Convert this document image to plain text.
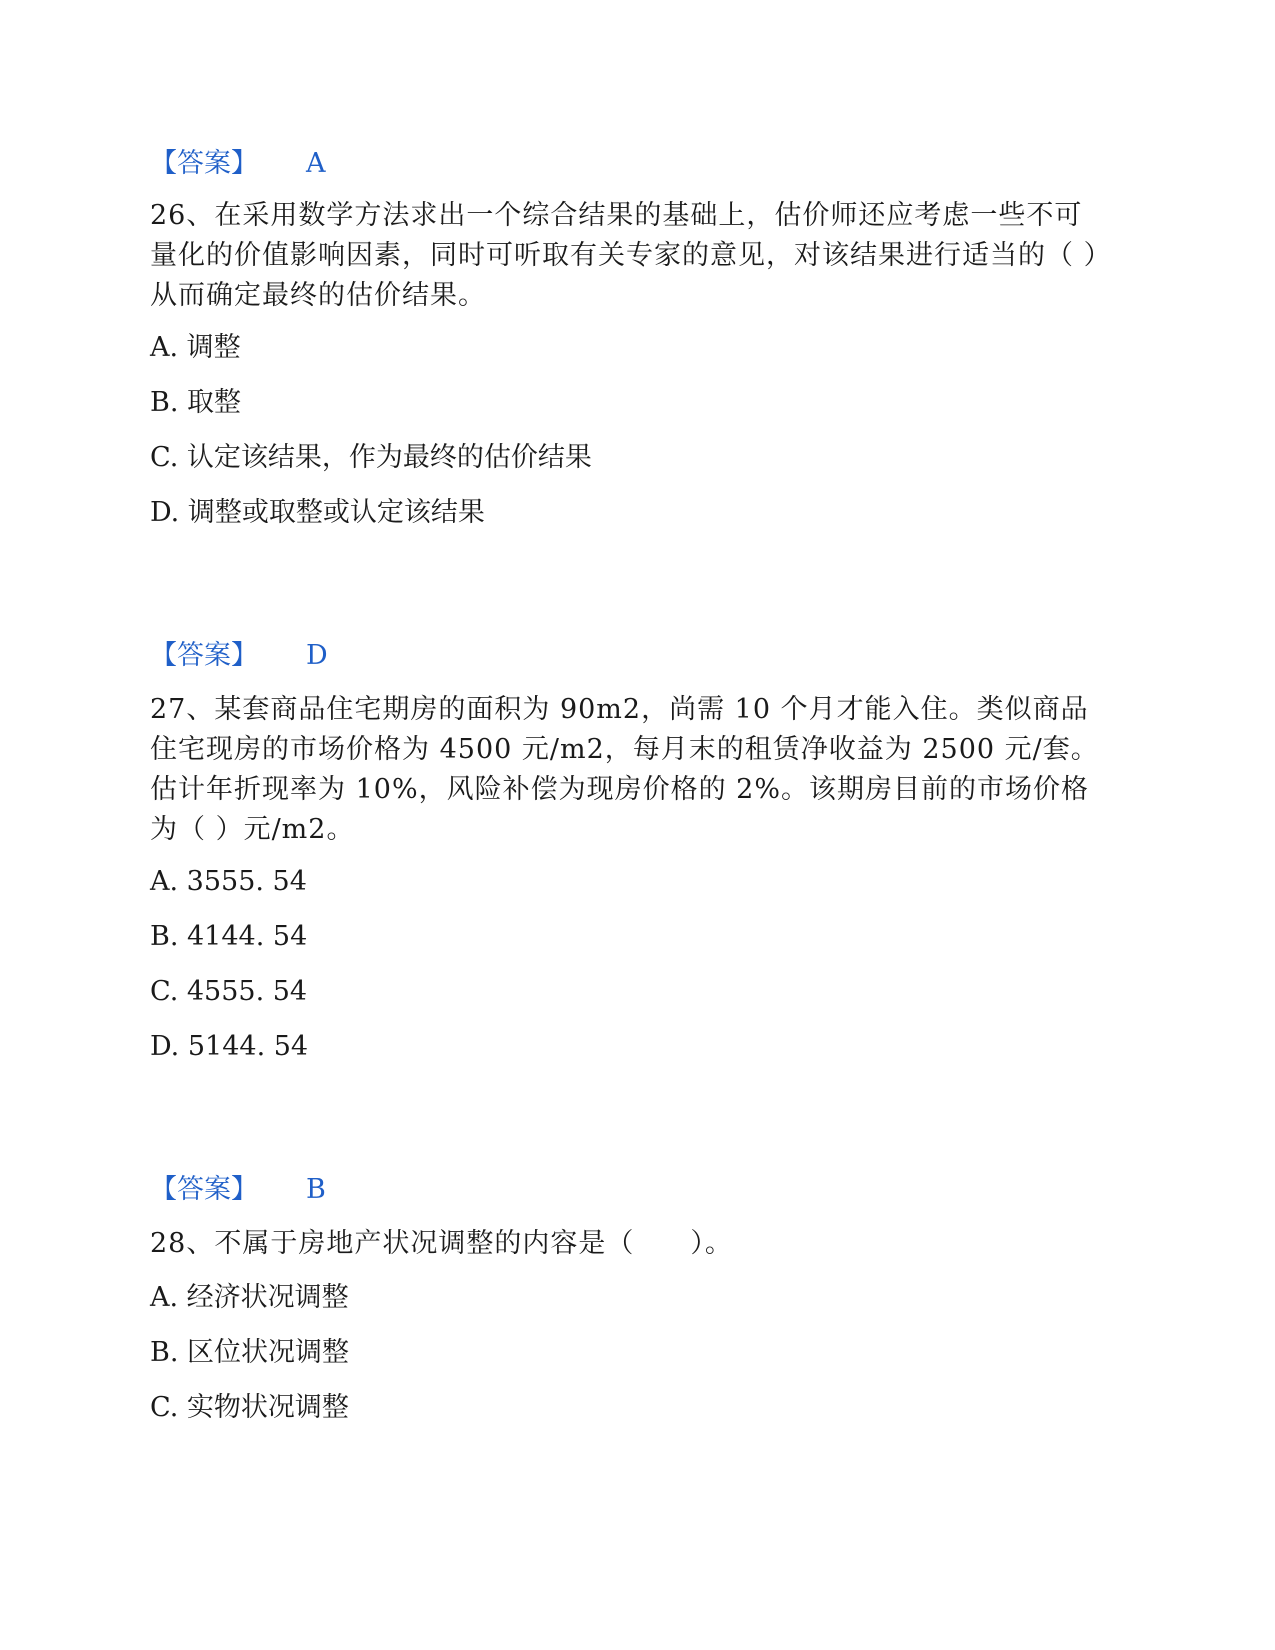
【答案】 A
26、在采用数学方法求出一个综合结果的基础上，估价师还应考虑一些不可量化的价值影响因素，同时可听取有关专家的意见，对该结果进行适当的（ ）从而确定最终的估价结果。
A. 调整
B. 取整
C. 认定该结果，作为最终的估价结果
D. 调整或取整或认定该结果
【答案】 D
27、某套商品住宅期房的面积为 90m2，尚需 10 个月才能入住。类似商品住宅现房的市场价格为 4500 元/m2，每月末的租赁净收益为 2500 元/套。估计年折现率为 10%，风险补偿为现房价格的 2%。该期房目前的市场价格为（ ）元/m2。
A. 3555. 54
B. 4144. 54
C. 4555. 54
D. 5144. 54
【答案】 B
28、不属于房地产状况调整的内容是（　　）。
A. 经济状况调整
B. 区位状况调整
C. 实物状况调整
